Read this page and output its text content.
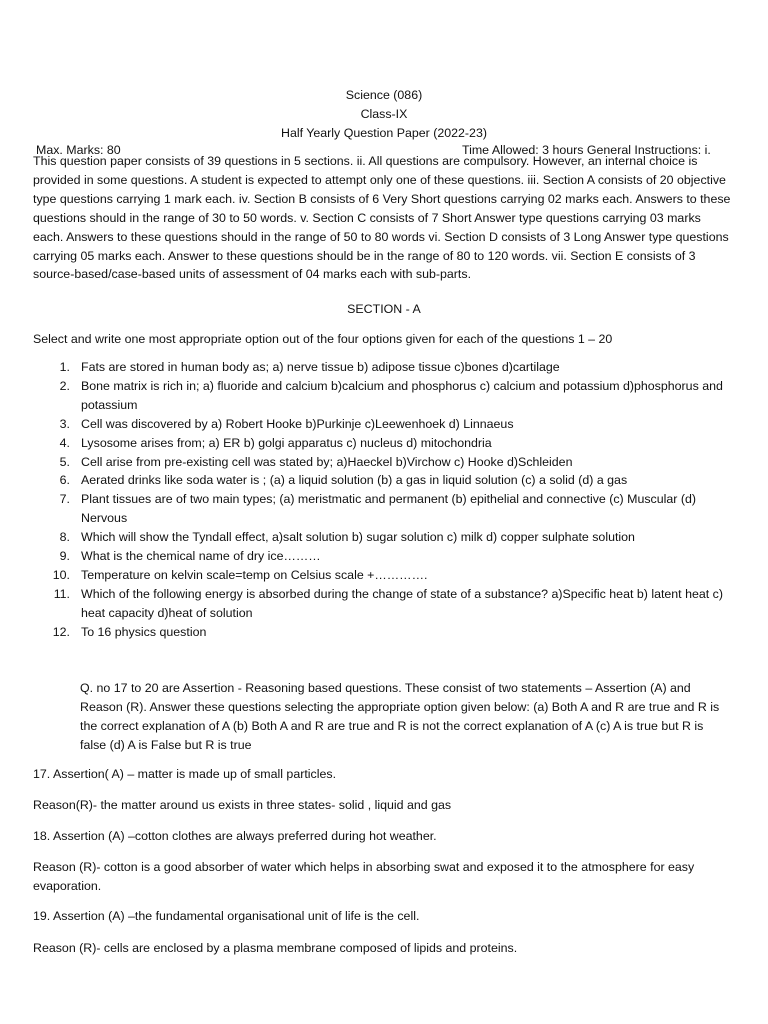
Science (086)
Class-IX
Half Yearly Question Paper (2022-23)
Max. Marks: 80	Time Allowed: 3 hours General Instructions: i.
This question paper consists of 39 questions in 5 sections. ii. All questions are compulsory. However, an internal choice is provided in some questions. A student is expected to attempt only one of these questions. iii. Section A consists of 20 objective type questions carrying 1 mark each. iv. Section B consists of 6 Very Short questions carrying 02 marks each. Answers to these questions should in the range of 30 to 50 words. v. Section C consists of 7 Short Answer type questions carrying 03 marks each. Answers to these questions should in the range of 50 to 80 words vi. Section D consists of 3 Long Answer type questions carrying 05 marks each. Answer to these questions should be in the range of 80 to 120 words. vii. Section E consists of 3 source-based/case-based units of assessment of 04 marks each with sub-parts.
SECTION - A
Select and write one most appropriate option out of the four options given for each of the questions 1 – 20
1. Fats are stored in human body as; a) nerve tissue b) adipose tissue c)bones d)cartilage
2. Bone matrix is rich in; a) fluoride and calcium b)calcium and phosphorus c) calcium and potassium d)phosphorus and potassium
3. Cell was discovered by a) Robert Hooke b)Purkinje c)Leewenhoek d) Linnaeus
4. Lysosome arises from; a) ER b) golgi apparatus c) nucleus d) mitochondria
5. Cell arise from pre-existing cell was stated by; a)Haeckel b)Virchow c) Hooke d)Schleiden
6. Aerated drinks like soda water is ; (a) a liquid solution (b) a gas in liquid solution (c) a solid (d) a gas
7. Plant tissues are of two main types; (a) meristmatic and permanent (b) epithelial and connective (c) Muscular (d) Nervous
8. Which will show the Tyndall effect, a)salt solution b) sugar solution c) milk d) copper sulphate solution
9. What is the chemical name of dry ice………
10. Temperature on kelvin scale=temp on Celsius scale +………….
11. Which of the following energy is absorbed during the change of state of a substance? a)Specific heat b) latent heat c) heat capacity d)heat of solution
12. To 16 physics question
Q. no 17 to 20 are Assertion - Reasoning based questions. These consist of two statements – Assertion (A) and Reason (R). Answer these questions selecting the appropriate option given below: (a) Both A and R are true and R is the correct explanation of A (b) Both A and R are true and R is not the correct explanation of A (c) A is true but R is false (d) A is False but R is true
17. Assertion( A) – matter is made up of small particles.
Reason(R)- the matter around us exists in three states- solid , liquid and gas
18. Assertion (A) –cotton clothes are always preferred during hot weather.
Reason (R)- cotton is a good absorber of water which helps in absorbing swat and exposed it to the atmosphere for easy evaporation.
19. Assertion (A) –the fundamental organisational unit of life is the cell.
Reason (R)- cells are enclosed by a plasma membrane composed of lipids and proteins.
